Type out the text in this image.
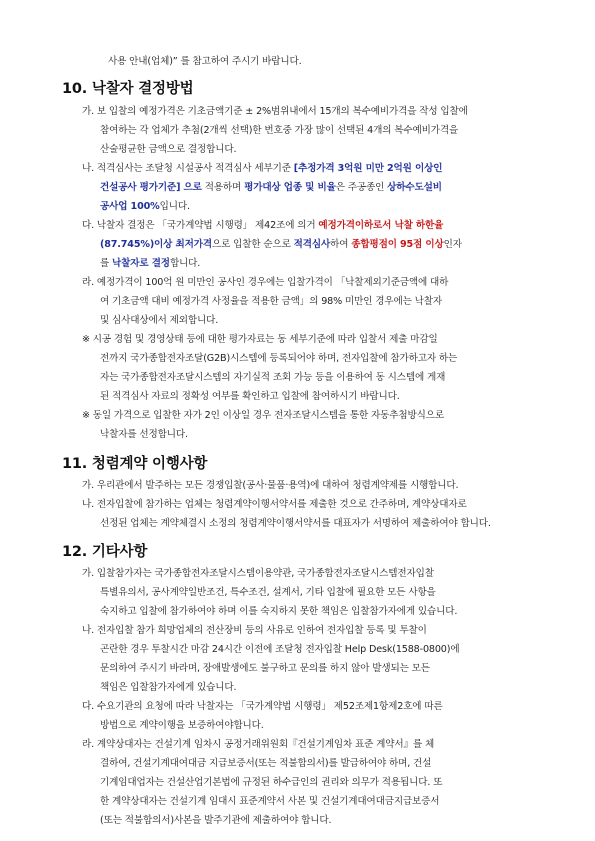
사용 안내(업체)” 를 참고하여 주시기 바랍니다.
10. 낙찰자 결정방법
가. 보 입찰의 예정가격은 기초금액기준 ± 2%범위내에서 15개의 복수예비가격을 작성 입찰에
참여하는 각 업체가 추첨(2개씩 선택)한 번호중 가장 많이 선택된 4개의 복수예비가격을
산술평균한 금액으로 결정합니다.
나. 적격심사는 조달청 시설공사 적격심사 세부기준 [추정가격 3억원 미만 2억원 이상인
건설공사 평가기준] 으로 적용하며 평가대상 업종 및 비율은 주공종인 상하수도설비
공사업 100%입니다.
다. 낙찰자 결정은 「국가계약법 시행령」 제42조에 의거 예정가격이하로서 낙찰 하한율
(87.745%)이상 최저가격으로 입찰한 순으로 적격심사하여 종합평점이 95점 이상인자
를 낙찰자로 결정합니다.
라. 예정가격이 100억 원 미만인 공사인 경우에는 입찰가격이 「낙찰제외기준금액에 대하
여 기초금액 대비 예정가격 사정율을 적용한 금액」의 98% 미만인 경우에는 낙찰자
및 심사대상에서 제외합니다.
※ 시공 경험 및 경영상태 등에 대한 평가자료는 동 세부기준에 따라 입찰서 제출 마감일
전까지 국가종합전자조달(G2B)시스템에 등록되어야 하며, 전자입찰에 참가하고자 하는
자는 국가종합전자조달시스템의 자기실적 조회 가능 등을 이용하여 동 시스템에 게재
된 적격심사 자료의 정확성 여부를 확인하고 입찰에 참여하시기 바랍니다.
※ 동일 가격으로 입찰한 자가 2인 이상일 경우 전자조달시스템을 통한 자동추첨방식으로
낙찰자를 선정합니다.
11. 청렴계약 이행사항
가. 우리관에서 발주하는 모든 경쟁입찰(공사·물품·용역)에 대하여 청렴계약제를 시행합니다.
나. 전자입찰에 참가하는 업체는 청렴계약이행서약서를 제출한 것으로 간주하며, 계약상대자로
선정된 업체는 계약체결시 소정의 청렴계약이행서약서를 대표자가 서명하여 제출하여야 합니다.
12. 기타사항
가. 입찰참가자는 국가종합전자조달시스템이용약관, 국가종합전자조달시스템전자입찰
특별유의서, 공사계약일반조건, 특수조건, 설계서, 기타 입찰에 필요한 모든 사항을
숙지하고 입찰에 참가하여야 하며 이를 숙지하지 못한 책임은 입찰참가자에게 있습니다.
나. 전자입찰 참가 희망업체의 전산장비 등의 사유로 인하여 전자입찰 등록 및 투찰이
곤란한 경우 투찰시간 마감 24시간 이전에 조달청 전자입찰 Help Desk(1588-0800)에
문의하여 주시기 바라며, 장애발생에도 불구하고 문의를 하지 않아 발생되는 모든
책임은 입찰참가자에게 있습니다.
다. 수요기관의 요청에 따라 낙찰자는 「국가계약법 시행령」 제52조제1항제2호에 따른
방법으로 계약이행을 보증하여야합니다.
라. 계약상대자는 건설기계 임차시 공정거래위원회『건설기계임차 표준 계약서』를 체
결하여, 건설기계대여대금 지급보증서(또는 적불합의서)를 발급하여야 하며, 건설
기계임대업자는 건설산업기본법에 규정된 하수급인의 권리와 의무가 적용됩니다. 또
한 계약상대자는 건설기계 임대시 표준계약서 사본 및 건설기계대여대금지급보증서
(또는 적불합의서)사본을 발주기관에 제출하여야 합니다.
